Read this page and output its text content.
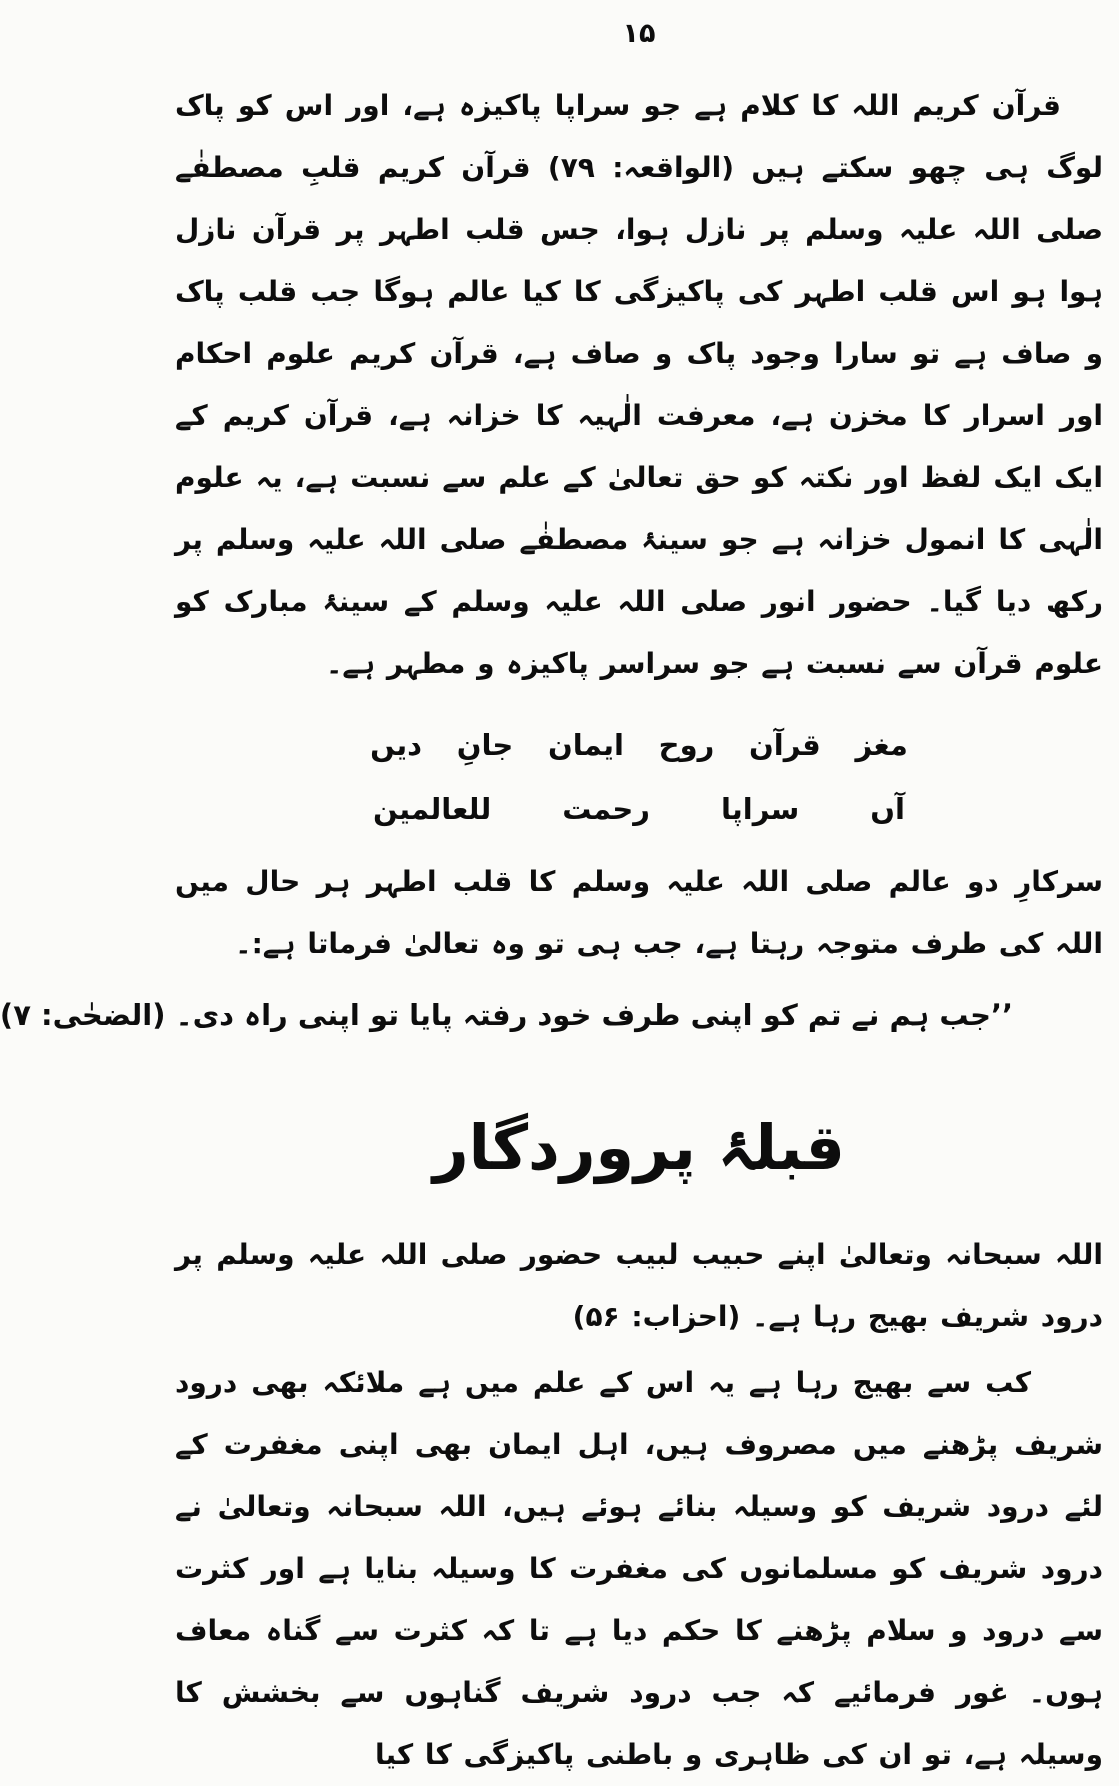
۱۵

قرآن کریم اللہ کا کلام ہے جو سراپا پاکیزہ ہے، اور اس کو پاک لوگ ہی چھو سکتے ہیں (الواقعہ: ۷۹) قرآن کریم قلبِ مصطفٰے صلی اللہ علیہ وسلم پر نازل ہوا، جس قلب اطہر پر قرآن نازل ہوا ہو اس قلب اطہر کی پاکیزگی کا کیا عالم ہوگا جب قلب پاک و صاف ہے تو سارا وجود پاک و صاف ہے، قرآن کریم علوم احکام اور اسرار کا مخزن ہے، معرفت الٰہیہ کا خزانہ ہے، قرآن کریم کے ایک ایک لفظ اور نکتہ کو حق تعالیٰ کے علم سے نسبت ہے، یہ علوم الٰہی کا انمول خزانہ ہے جو سینۂ مصطفٰے صلی اللہ علیہ وسلم پر رکھ دیا گیا۔ حضور انور صلی اللہ علیہ وسلم کے سینۂ مبارک کو علوم قرآن سے نسبت ہے جو سراسر پاکیزہ و مطہر ہے۔

مغز قرآن روح ایمان جانِ دیں
آں سراپا رحمت للعالمین

سرکارِ دو عالم صلی اللہ علیہ وسلم کا قلب اطہر ہر حال میں اللہ کی طرف متوجہ رہتا ہے، جب ہی تو وہ تعالیٰ فرماتا ہے:۔

’’جب ہم نے تم کو اپنی طرف خود رفتہ پایا تو اپنی راہ دی۔ (الضحٰی: ۷)
قبلۂ پروردگار

اللہ سبحانہ وتعالیٰ اپنے حبیب لبیب حضور صلی اللہ علیہ وسلم پر درود شریف بھیج رہا ہے۔ (احزاب: ۵۶)

کب سے بھیج رہا ہے یہ اس کے علم میں ہے ملائکہ بھی درود شریف پڑھنے میں مصروف ہیں، اہل ایمان بھی اپنی مغفرت کے لئے درود شریف کو وسیلہ بنائے ہوئے ہیں، اللہ سبحانہ وتعالیٰ نے درود شریف کو مسلمانوں کی مغفرت کا وسیلہ بنایا ہے اور کثرت سے درود و سلام پڑھنے کا حکم دیا ہے تا کہ کثرت سے گناہ معاف ہوں۔ غور فرمائیے کہ جب درود شریف گناہوں سے بخشش کا وسیلہ ہے، تو ان کی ظاہری و باطنی پاکیزگی کا کیا
